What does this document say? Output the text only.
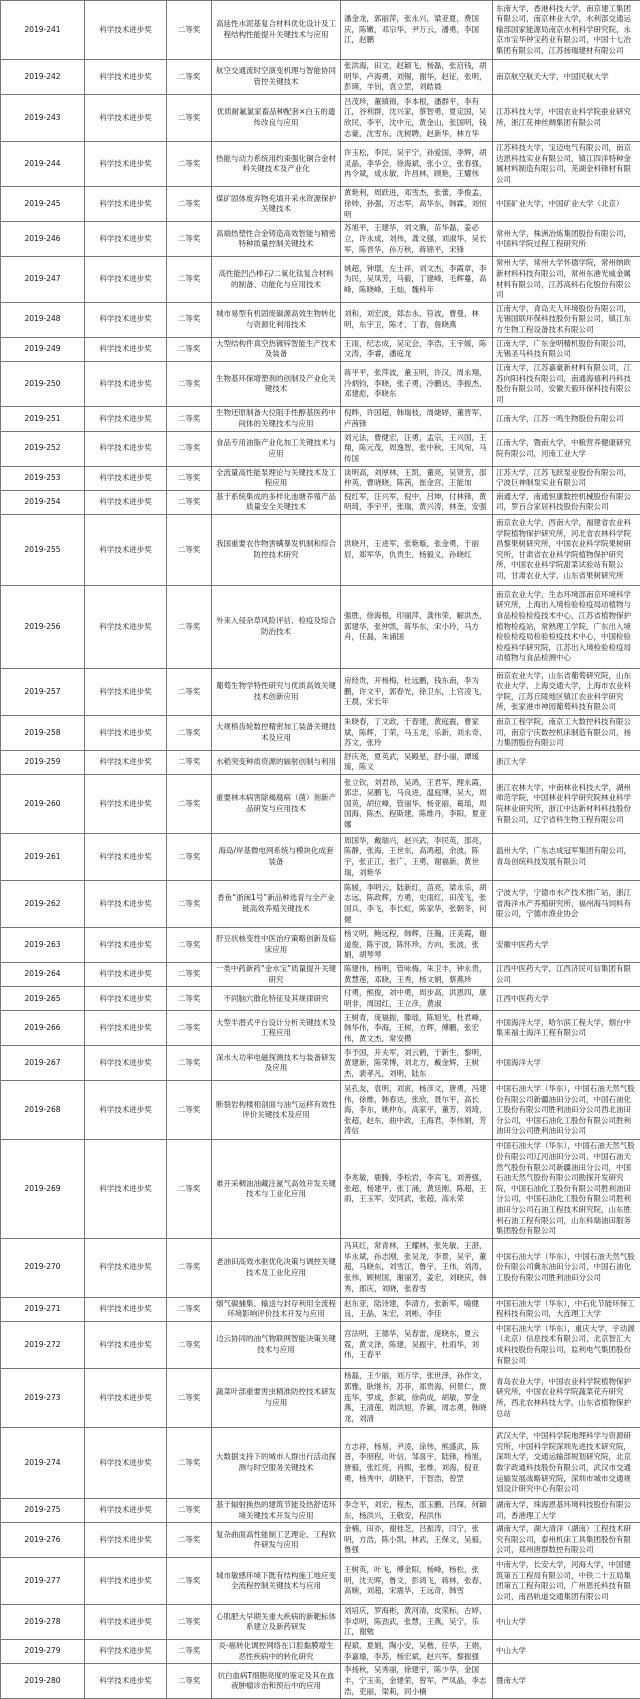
2019-241	科学技术进步奖	二等奖	高延性水泥基复合材料优化设计及工程结构性能提升关键技术与应用	潘金龙，郭丽萍，张永兴，梁亚夏，费国庆，陈嫩，邓宗华，尹万云，潘勇，李国江，赵鹏	东南大学，香港科技大学，南京建工集团有限公司，南京林业大学，水利部交通运输部国家能源局南京水利科学研究院，永京市宝华钟宝药业有限公司，中国十七冶集团有限公司，江苏扬瑞建材有限公司
2019-242	科学技术进步奖	二等奖	航空交通流时空演变机理与智能协同管控关键技术	张洪海，田文，赵颖飞，杨磊，张启钱，胡明华，卢海勇，刘锡，谢华，赵征，张明，彭瑛，羊钊，袁立罡，刘皓晨	南京航空航天大学，中国民航大学
2019-243	科学技术进步奖	二等奖	优质耐氟氯家畜品种配套×白玉的遗传改良与应用	吕茂珍，董镇锦，李本根，潘群平，李有江，谷利群，沈兴家，蔡智勇，夏定国，吴欣民，李平，沈中元，黄金山，张国明，钱志豪，沈雪东，沈树聘，赵新华，林方华	江苏科技大学，中国农业科学院蚕业研究所，浙江花神丝绸集团有限公司
2019-244	科学技术进步奖	二等奖	热能与动力系统用约束强化铜合金材料关键技术及产业化	许玉松，李民，吴宇宁，孙爱国，李辉，胡灵晶，李华会，徐海斌，张小立，张春强，冉令斌，成永敏，许昌林，顾艳，王耀伟	江苏科技大学，宝迈电气有限公司，南京达恩科技实业有限公司，镇江四洋特种金属材料制造有限公司，芜湖金科锋材有限公司
2019-245	科学技术进步奖	二等奖	煤矿固体废弃物充填开采水资源保护关键技术	黄艳利，周跃进，邓雪杰，张蕾，李俊孟，徐帅，孙强，万志军，高华东，韩霖，刘恒明	中国矿业大学，中国矿业大学（北京）
2019-246	科学技术进步奖	二等奖	高端热塑性合金铸造高效智能与精密特种质量控制关键技术	苏旭平，王建华，刘文腾，苗华磊，姜必立，许永成，刘伟，龚文强，刘淑华，吴长军，陈晋华，孙万秋，蒋锦平，宋锋	常州大学，株洲冶炼集团股份有限公司，中国科学院过程工程研究所
2019-247	科学技术进步奖	二等奖	高性能凹凸棒石/二氧化钛复合材料的制备、功能化与应用技术	姚超，钟璟，左士祥，刘文杰，李霞章，李为民，吴凤芳，马毅，丁建峰，毛辉蔓，高峰，陈晓峰，王灿，魏科年	常州大学，常州大学怀德学院，常州纳欧新材料科技有限公司，常州东港光威金属材料有限公司，江苏高科石化股份有限公司
2019-248	科学技术进步奖	二等奖	城市易型有机固废碳源高效生物转化与资源化利用技术	刘和，刘宏波，郑志永，符波，曹曼，林明，东宇卫，陈才，丁春，詹晓燕	江南大学，青岛天人环境股份有限公司，无锡国联环保科技股份有限公司，镇江东方生物工程设备技术有限公司
2019-249	科学技术进步奖	二等奖	大型结构件真空热镀锌智能生产技术及装备	王雨，纪志成，吴定会，李浩，王宇媛，陈文涛，李睿，潘庭龙	江南大学，广东金明精机股份有限公司，无锡圣马科技有限公司
2019-250	科学技术进步奖	二等奖	生物基环保增塑剂的创制及产业化关键技术	蒋平平，张萍波，董玉明，许汉，周永翔，冷炳钧，李晓，张子勇，冷鹏达，李振杰，邓建彪，李晓东	江南大学，江苏嘉豪新材料有限公司，江苏向阳科技有限公司，南通海禧利丹科技股份有限公司，安徽天毅环保科技有限公司
2019-251	科学技术进步奖	二等奖	生物还原制备大位阻手性醇基医药中间体的关键技术与应用	倪晔，许国超，韩瑞枝，周婕婷，董晋军，卢茜锋	江南大学，江苏一鸣生物股份有限公司
2019-252	科学技术进步奖	二等奖	食品专用油脂产业化加工关键技术与应用	刘元法，曹健宏，汪勇，孟宗，王兴国，王翔，陈元茂，周逸智，张中秋，王风宛，马传国	江南大学，暨南大学，中粮营养健康研究院有限公司，河南工业大学
2019-253	科学技术进步奖	二等奖	全流量高性能泵理论与关键技术及工程应用	谈明高，刘厚林，王凯，董亮，吴贤芳，邵仲英，曹晓晓，陈茜，崔金宫，王能加	江苏大学，江苏飞跃泵业股份有限公司，宁波巨神制泵实业有限公司
2019-254	科学技术进步奖	二等奖	基于系统集成的多样化池塘养殖产品质量安全关键技术	倪红军，汪兴军，倪中，吕坤，付林锋，黄明琦，李宇平，张瑞，黄兴涛，林奎，安强	南通大学，南通恒康数控机械股份有限公司，罗百合家居科技股份有限公司
2019-255	科学技术进步奖	二等奖	我国重要农作物害螨暴发机制和综合防控技术研究	洪晓月，王进军，张艳璇，张金勇，于丽辰，郑军华，仇贵生，杨毅义，孙晓红	南京农业大学，西南大学，福建省农业科学院植物保护研究所，河北省农林科学院昌黎果树研究所，中国农业科学院果树研究所，甘肃省农业科学院植物保护研究所，中国农业科学院甜菜试验站有限公司，甘肃农业大学，山东省果树研究所
2019-256	科学技术进步奖	二等奖	外来入侵杂草风险评估、检疫及综合防治技术	强胜，徐海根，印丽萍，龚伟荣，解洪杰，郭建华，张仲凯，蒋华东，宋小玲，马方舟，任磊，朱涌国	南京农业大学，生态环境部南京环境科学研究所，上海出入境检验检疫局动植物与食品检验检疫技术中心，江苏省植物保护植物检疫站，常熟理工学院，广东出入境检验检疫局检验检疫技术中心，中国检验检疫科学研究院，江苏出入境检验检疫局动植物与食品检测中心
2019-257	科学技术进步奖	二等奖	葡萄生物学特性研究与优质高效关键技术创新应用	房经贵，开杨梅，杜远鹏，钱东南，李为鹏，许文平，郭春光，徐卫东，上官凌飞，王晨，宋长年	南京农业大学，山东省葡萄研究院，山东农业大学，上海交通大学，上海市农业科学院，江苏丘陵地区镇江农业科学研究所，张家港市神园葡萄科技有限公司
2019-258	科学技术进步奖	二等奖	大规格齿轮数控精密加工装备关键技术及应用	朱晓春，丁文政，于春建，黄庭震，曹家斌，陈辉，丁荣，马玉龙，乐新，刘永奇，苏文，张玲	南京工程学院，南京工大数控科技有限公司，南京宁庆数控机床制造有限公司，扬力集团股份有限公司
2019-259	科学技术进步奖	二等奖	水稻突变种质资源的辐射创制与利用	舒庆尧，夏英武，吴殿星，舒小丽，谭瑗瑗，陈义	浙江大学
2019-260	科学技术进步奖	二等奖	重要林木病害除褐腐病（菌）剂新产品研发与应用技术	张立钦，刘君昂，吴鸿，王君军，理永霞，郭忠，吴鹏飞，马良进，温庭博，吴大，周国英，胡位峰，管丽华，杨亚丽，葛瑶，周国海，陈杰，程斯建，陈维丹，李阳，夏亚娜	浙江农林大学，中南林业科技大学，湖州师范学院，中国林业科学研究院林业科学院林业研究所，浙江中达新材料科技股份有限公司，辽宁省科生物工程有限公司
2019-261	科学技术进步奖	二等奖	海岛/岸基微电网系统与模块化成套装备	周国华，戴瑞兴，赵兴武，李民英，邵亮，陈静，张海，王世东，高鸿超，余波，陈宇，张正江，张广，王勇，谢福新，黄世瑞，刘艳华	温州大学，广东志成冠军集团有限公司，青岛创统科技发展有限公司
2019-262	科学技术进步奖	二等奖	香鱼“浙闽1号”新品种选育与全产业链高效养殖关键技术	陈媛，李明云，陆新红，苗亮，梁永乐，胡志远，陈政辉，方勇，史雨红，田茂飞，张国兵，李飞，李长虹，陈家华，张朝冬，何健	宁波大学，宁德市水产技术推广站，浙江省海洋水产养殖研究所，福州海马饲料有限公司，宁德市渔业协会
2019-263	科学技术进步奖	二等奖	肝豆状核变性中医治疗策略创新及临床应用	杨文明，鲍远程，韩辉，汪瀚，汪美霞，谢道俊，陈宇波，陈怀珍，方向，张波，张娟，胡琴琴	安徽中医药大学
2019-264	科学技术进步奖	二等奖	一类中药新药“金水宝”质量提升关键研究	陈建伟，杨明，管咏梅，朱卫丰，钟永贵，黄慧莲，邓晓，王秀，杨文娟，蔡燕珍	江西中医药大学，江西济民可信集团有限公司
2019-265	科学技术进步奖	二等奖	不同脑穴散化特征及其规律研究	付勇，熊俊，刘中勇，周步高，洪恩四，康明非，周国红，王立彦，黄淑	江西中医药大学
2019-266	科学技术进步奖	二等奖	大型半潜式平台设计分析关键技术及工程应用	王树青，庞福振，滕瑶，陈旭光，杜君峰，韩华伟，李海，王树，方辉，傅鹏，张宏伟，黄文杰，常安攒	中国海洋大学，哈尔滨工程大学，烟台中集来福士海洋工程有限公司
2019-267	科学技术进步奖	二等奖	深水大功率电磁探测技术与装备研发及应用	李予国，开夫军，刘云鹤，于新生，黎明，黄建新，陈荣博，刘北方，戴金辉，王树杰，裴孝凡，刘明，陆东	中国海洋大学
2019-268	科学技术进步奖	二等奖	断裂岩构楼相剖面与油气运移有效性评价关键技术及应用	吴孔友，袁明，刘寅，杨彦文，唐勇，冯建伟，徐维，韩春达，张欣，聂尔平，高长海，李东，姚仲东，高家平，董芳，刘琦，张超，赵东，曲中政，王海君，李伟娟，芳涛信	中国石油大学（华东），中国石油天然气股份有限公司新疆油田分公司，中国石油化工股份有限公司胜利油田分公司西北油田分公司，中国石油化工股份有限公司胜利油田分公司胜利油田分公司
2019-269	科学技术进步奖	二等奖	难开采稠油油藏注氮气高效开发关键技术与工业化应用	李兆敏，鹿腾，李松岩，李宾飞，刘善强，张超，杨建平，张丁涌，黄廷刚，陈超，王雨，王玉军，安同武，张超，高永荣	中国石油大学（华东），中国石油天然气股份有限公司辽河油田分公司，中国石油天然气股份有限公司新疆油田分公司，中国石油天然气股份有限公司勘探开发研究院，中国石油化工股份有限公司胜利油田分公司，中国石油化工股份有限公司胜利油田分公司石油工程技术研究院，山东胜利石油工程有限公司，山东科瑞油田服务集团股份有限公司
2019-270	科学技术进步奖	二等奖	老油田高效水驱优化决策与调控关键技术及工业化应用	冯其红，常青林，王耀林，张先敏，王湛，毕永斌，孙志刚，张吴龙，李景，吴宇，董超，马晓东，刘雪江，鲁宇，王伟，刘涛，张伟，顾树国，谢丽芳，姜宏，刘晓庆，韩秀，郎庆，刘晓，张春雪	中国石油大学（华东），中国石油天然气股份有限公司冀东油田分公司，中国石油化工股份有限公司胜利油田分公司
2019-271	科学技术进步奖	二等奖	烟气碳捕集、输送与封存利用全流程环境影响评价技术开发与应用	赵东亚，陆诗建，李清方，张新军，喻健良，王晶，朱宏，刘彬，李佳	中国石油大学（华东），中石化节能环保工程科技有限公司，大连理工大学
2019-272	科学技术进步奖	二等奖	边云协同的油气物联网智能决策关键技术与应用	宫法明，王德华，吴春雷，庞晓东，夏云霓，黄文泽，陈建，吴振宇，杜雨华，刘伟，王春平	中国石油大学（华东），重庆大学，宇动源（北京）信息技术有限公司，北京智汇大成科技股份有限公司，监利电气集团股份有限公司
2019-273	科学技术进步奖	二等奖	蔬菜叶部重要害虫精准防控技术研发与应用	杨磊，王少丽，刘万学，张世泽，孙作文，郭雅，耿继书，苏菲，郑贵海，何景仁，贾连华，罗成，彭斌，徐尚成，胡敏，罗金燕，王清莲，周洪旭，乔颖，周志勇，韩晓龙，刘清	青岛农业大学，中国农业科学院植物保护研究所，中国农业科学院蔬菜花卉研究所，西北农林科技大学，山东省植物保护总站
2019-274	科学技术进步奖	二等奖	大数据支持下的城市人群出行活动探测与时空服务关键技术	方志祥，杨易，尹凌，涂伟，熊盛武，陈普，李朋程，叶信，邹喜宇，陆锋，杨旭，唐毅，张红亮，肖熙，张维，刘海，倪亚勇，杨秀中，胡晓平，于智浩，曾罡	武汉大学，中国科学院地理科学与资源研究所，中国科学院深圳先进技术研究院，深圳大学，交通运输部规划研究院，北京数字政通科技股份有限公司，武汉市交通运输发展战略研究院，深圳市城市交通规划设计研究中心有限公司
2019-275	科学技术进步奖	二等奖	基于辐射换热的建筑节能及热舒适环境关键技术开发与应用	李念平，刘宏，程杰，邵玉鹏，吕琛，何颖东，杨洪兴，王敬安，程洪伟	湖南大学，珠海恩基环境科技股份有限公司，香港理工大学
2019-276	科学技术进步奖	二等奖	复杂曲面高性能制工艺理论、工程软件研发与应用	金楠，田亦，谢桂芝，吕振涛，闫宁，张明，方浩，陈小凯，林武，王保文，吴毅，鲁强	湖南大学，湖大清洋（湖南）工程技术研究有限公司，泰州机床工具集团股份有限公司，郑州唐群数控有限公司
2019-277	科学技术进步奖	二等奖	城市敏感环境下既有结构施工地应变全流程控制关键技术与应用	王树英，叶飞，傅金阳，杨峰，杨松，张明，沈天晖，鲁文，彭鸿飞，蒋林，张春，高婉，刘超，宋震华，王远奇，韩雪	中南大学，长安大学，河海大学，中国建筑第五工程局有限公司，中铁二十五局集团第五工程有限公司，广州恩托科技有限公司，南昌轨道交通集团有限公司
2019-278	科学技术进步奖	二等奖	心肌肥大早期关重大疾病的新靶标体系建立及新药研发	刘培庆，罗海彬，黄河清，皮荣标，古婷，李卓明，陈劲武，张慧，王燕，吴宁，乐江，谢勉	中山大学
2019-279	科学技术进步奖	二等奖	炎-癌转化调控网络在口腔黏膜增生恶性疾病中的转化研究	程斌，夏娟，陶小安，吴楷，任华，王娟，李嘉瑜，李苏，杨宏斌，赵兴军，黎振强	中山大学
2019-280	科学技术进步奖	二等奖	抗白血病T细胞亮度的鉴定及其在血液肿瘤诊治和预后中的应用	李扬秋，吴秀丽，徐建宇，陈少华，金国丰，宁玉美，金建荣，曾军，严凤晶，李志浩，吏丽，梁莉，同小楠	暨南大学
